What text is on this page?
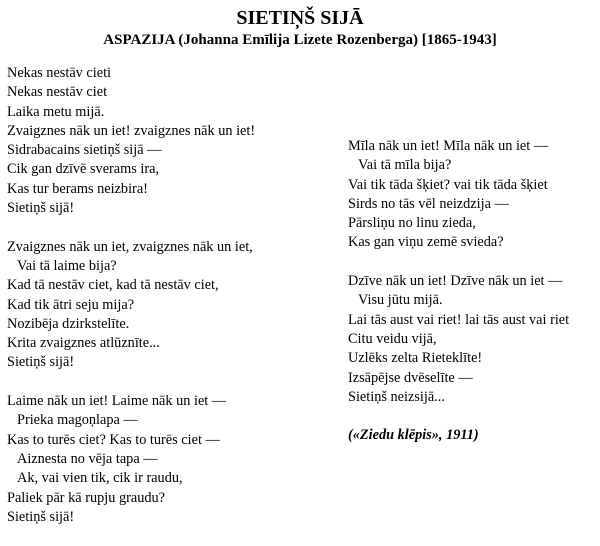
SIETIŅŠ SIJĀ
ASPAZIJA (Johanna Emīlija Lizete Rozenberga) [1865-1943]
Nekas nestāv cieti
Nekas nestāv ciet
Laika metu mijā.
Zvaigznes nāk un iet! zvaigznes nāk un iet!
Sidrabacains sietiņš sijā —
Cik gan dzīvē sverams ira,
Kas tur berams neizbira!
Sietiņš sijā!
Zvaigznes nāk un iet, zvaigznes nāk un iet,
Vai tā laime bija?
Kad tā nestāv ciet, kad tā nestāv ciet,
Kad tik ātri seju mija?
Nozibēja dzirkstelīte.
Krita zvaigznes atlūznīte...
Sietiņš sijā!
Laime nāk un iet! Laime nāk un iet —
Prieka magoņlapa —
Kas to turēs ciet? Kas to turēs ciet —
Aiznesta no vēja tapa —
Ak, vai vien tik, cik ir raudu,
Paliek pār kā rupju graudu?
Sietiņš sijā!
Mīla nāk un iet! Mīla nāk un iet —
Vai tā mīla bija?
Vai tik tāda šķiet? vai tik tāda šķiet
Sirds no tās vēl neizdzija —
Pārsliņu no linu zieda,
Kas gan viņu zemē svieda?
Dzīve nāk un iet! Dzīve nāk un iet —
Visu jūtu mijā.
Lai tās aust vai riet! lai tās aust vai riet
Citu veidu vijā,
Uzlēks zelta Rieteklīte!
Izsāpējse dvēselīte —
Sietiņš neizsijā...
(«Ziedu klēpis», 1911)
